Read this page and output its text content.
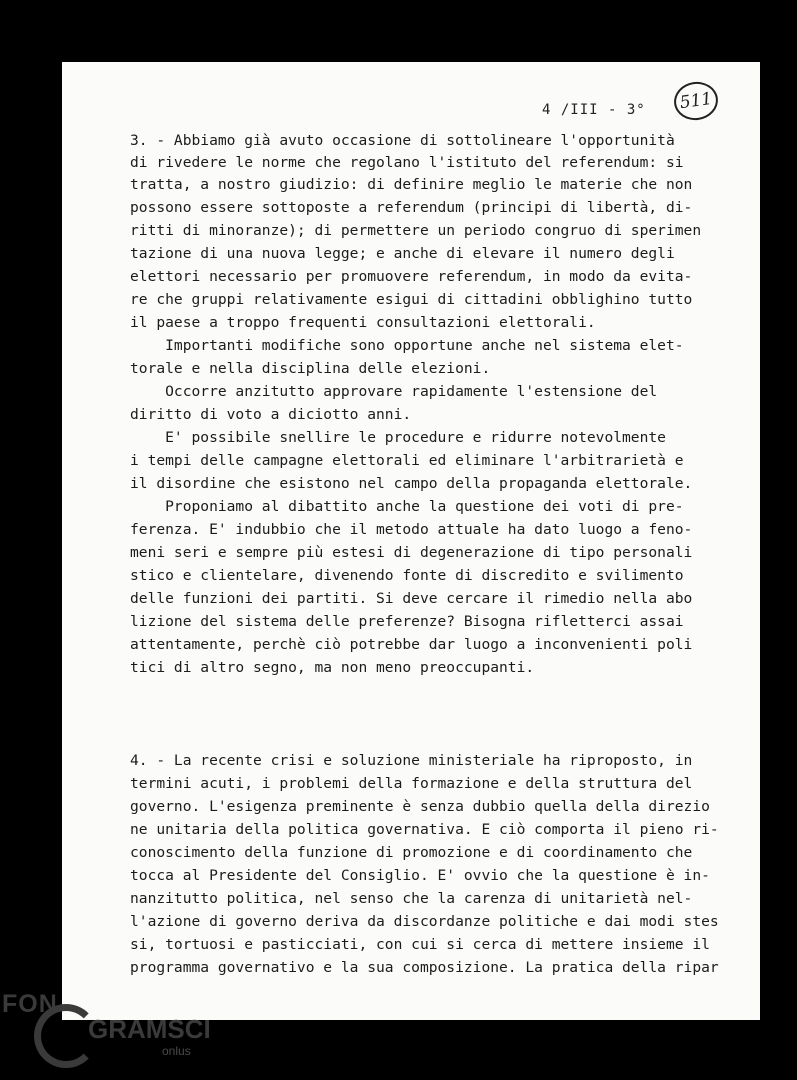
4 /III - 3°	511
3. - Abbiamo già avuto occasione di sottolineare l'opportunità
di rivedere le norme che regolano l'istituto del referendum: si
tratta, a nostro giudizio: di definire meglio le materie che non
possono essere sottoposte a referendum (principi di libertà, di-
ritti di minoranze); di permettere un periodo congruo di sperimen
tazione di una nuova legge; e anche di elevare il numero degli
elettori necessario per promuovere referendum, in modo da evita-
re che gruppi relativamente esigui di cittadini obblighino tutto
il paese a troppo frequenti consultazioni elettorali.
Importanti modifiche sono opportune anche nel sistema elet-
torale e nella disciplina delle elezioni.
Occorre anzitutto approvare rapidamente l'estensione del
diritto di voto a diciotto anni.
E' possibile snellire le procedure e ridurre notevolmente
i tempi delle campagne elettorali ed eliminare l'arbitrarietà e
il disordine che esistono nel campo della propaganda elettorale.
Proponiamo al dibattito anche la questione dei voti di pre-
ferenza. E' indubbio che il metodo attuale ha dato luogo a feno-
meni seri e sempre più estesi di degenerazione di tipo personali
stico e clientelare, divenendo fonte di discredito e svilimento
delle funzioni dei partiti. Si deve cercare il rimedio nella abo
lizione del sistema delle preferenze? Bisogna rifletterci assai
attentamente, perchè ciò potrebbe dar luogo a inconvenienti poli
tici di altro segno, ma non meno preoccupanti.
4. - La recente crisi e soluzione ministeriale ha riproposto, in
termini acuti, i problemi della formazione e della struttura del
governo. L'esigenza preminente è senza dubbio quella della direzio
ne unitaria della politica governativa. E ciò comporta il pieno ri-
conoscimento della funzione di promozione e di coordinamento che
tocca al Presidente del Consiglio. E' ovvio che la questione è in-
nanzitutto politica, nel senso che la carenza di unitarietà nel-
l'azione di governo deriva da discordanze politiche e dai modi stes
si, tortuosi e pasticciati, con cui si cerca di mettere insieme il
programma governativo e la sua composizione. La pratica della ripar
FON
GRAMSCI
onlus
